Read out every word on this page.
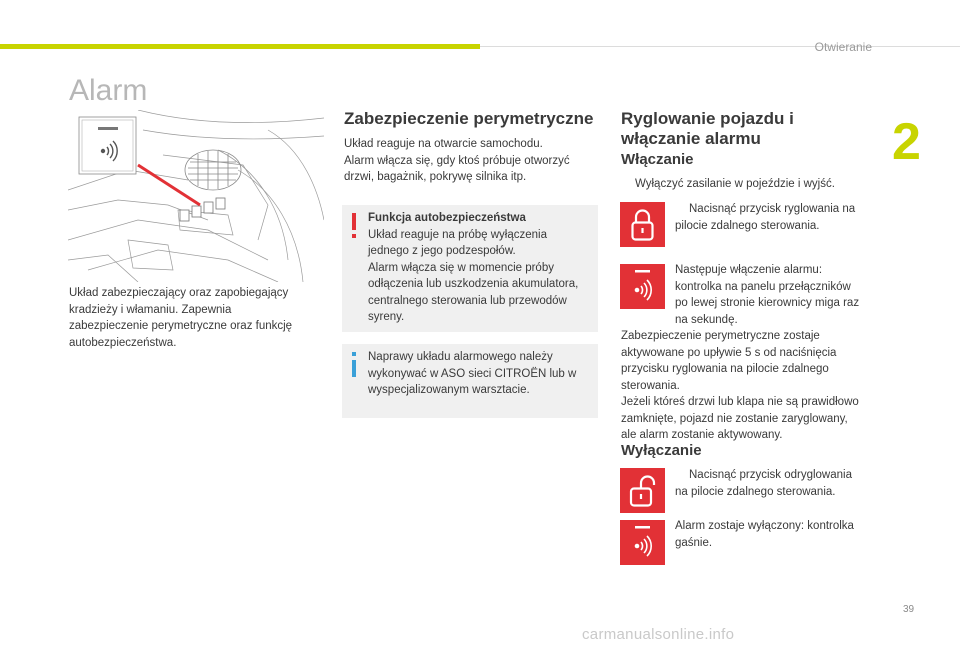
Otwieranie
2
Alarm
Układ zabezpieczający oraz zapobiegający
kradzieży i włamaniu. Zapewnia
zabezpieczenie perymetryczne oraz funkcję
autobezpieczeństwa.
Zabezpieczenie perymetryczne
Układ reaguje na otwarcie samochodu.
Alarm włącza się, gdy ktoś próbuje otworzyć
drzwi, bagażnik, pokrywę silnika itp.
Funkcja autobezpieczeństwa
Układ reaguje na próbę wyłączenia
jednego z jego podzespołów.
Alarm włącza się w momencie próby
odłączenia lub uszkodzenia akumulatora,
centralnego sterowania lub przewodów
syreny.
Naprawy układu alarmowego należy
wykonywać w ASO sieci CITROËN lub w
wyspecjalizowanym warsztacie.
Ryglowanie pojazdu i
włączanie alarmu
Włączanie
Wyłączyć zasilanie w pojeździe i wyjść.
Nacisnąć przycisk ryglowania na
pilocie zdalnego sterowania.
Następuje włączenie alarmu:
kontrolka na panelu przełączników
po lewej stronie kierownicy miga raz
na sekundę.
Zabezpieczenie perymetryczne zostaje
aktywowane po upływie 5 s od naciśnięcia
przycisku ryglowania na pilocie zdalnego
sterowania.
Jeżeli któreś drzwi lub klapa nie są prawidłowo
zamknięte, pojazd nie zostanie zaryglowany,
ale alarm zostanie aktywowany.
Wyłączanie
Nacisnąć przycisk odryglowania
na pilocie zdalnego sterowania.
Alarm zostaje wyłączony: kontrolka
gaśnie.
39
carmanualsonline.info
